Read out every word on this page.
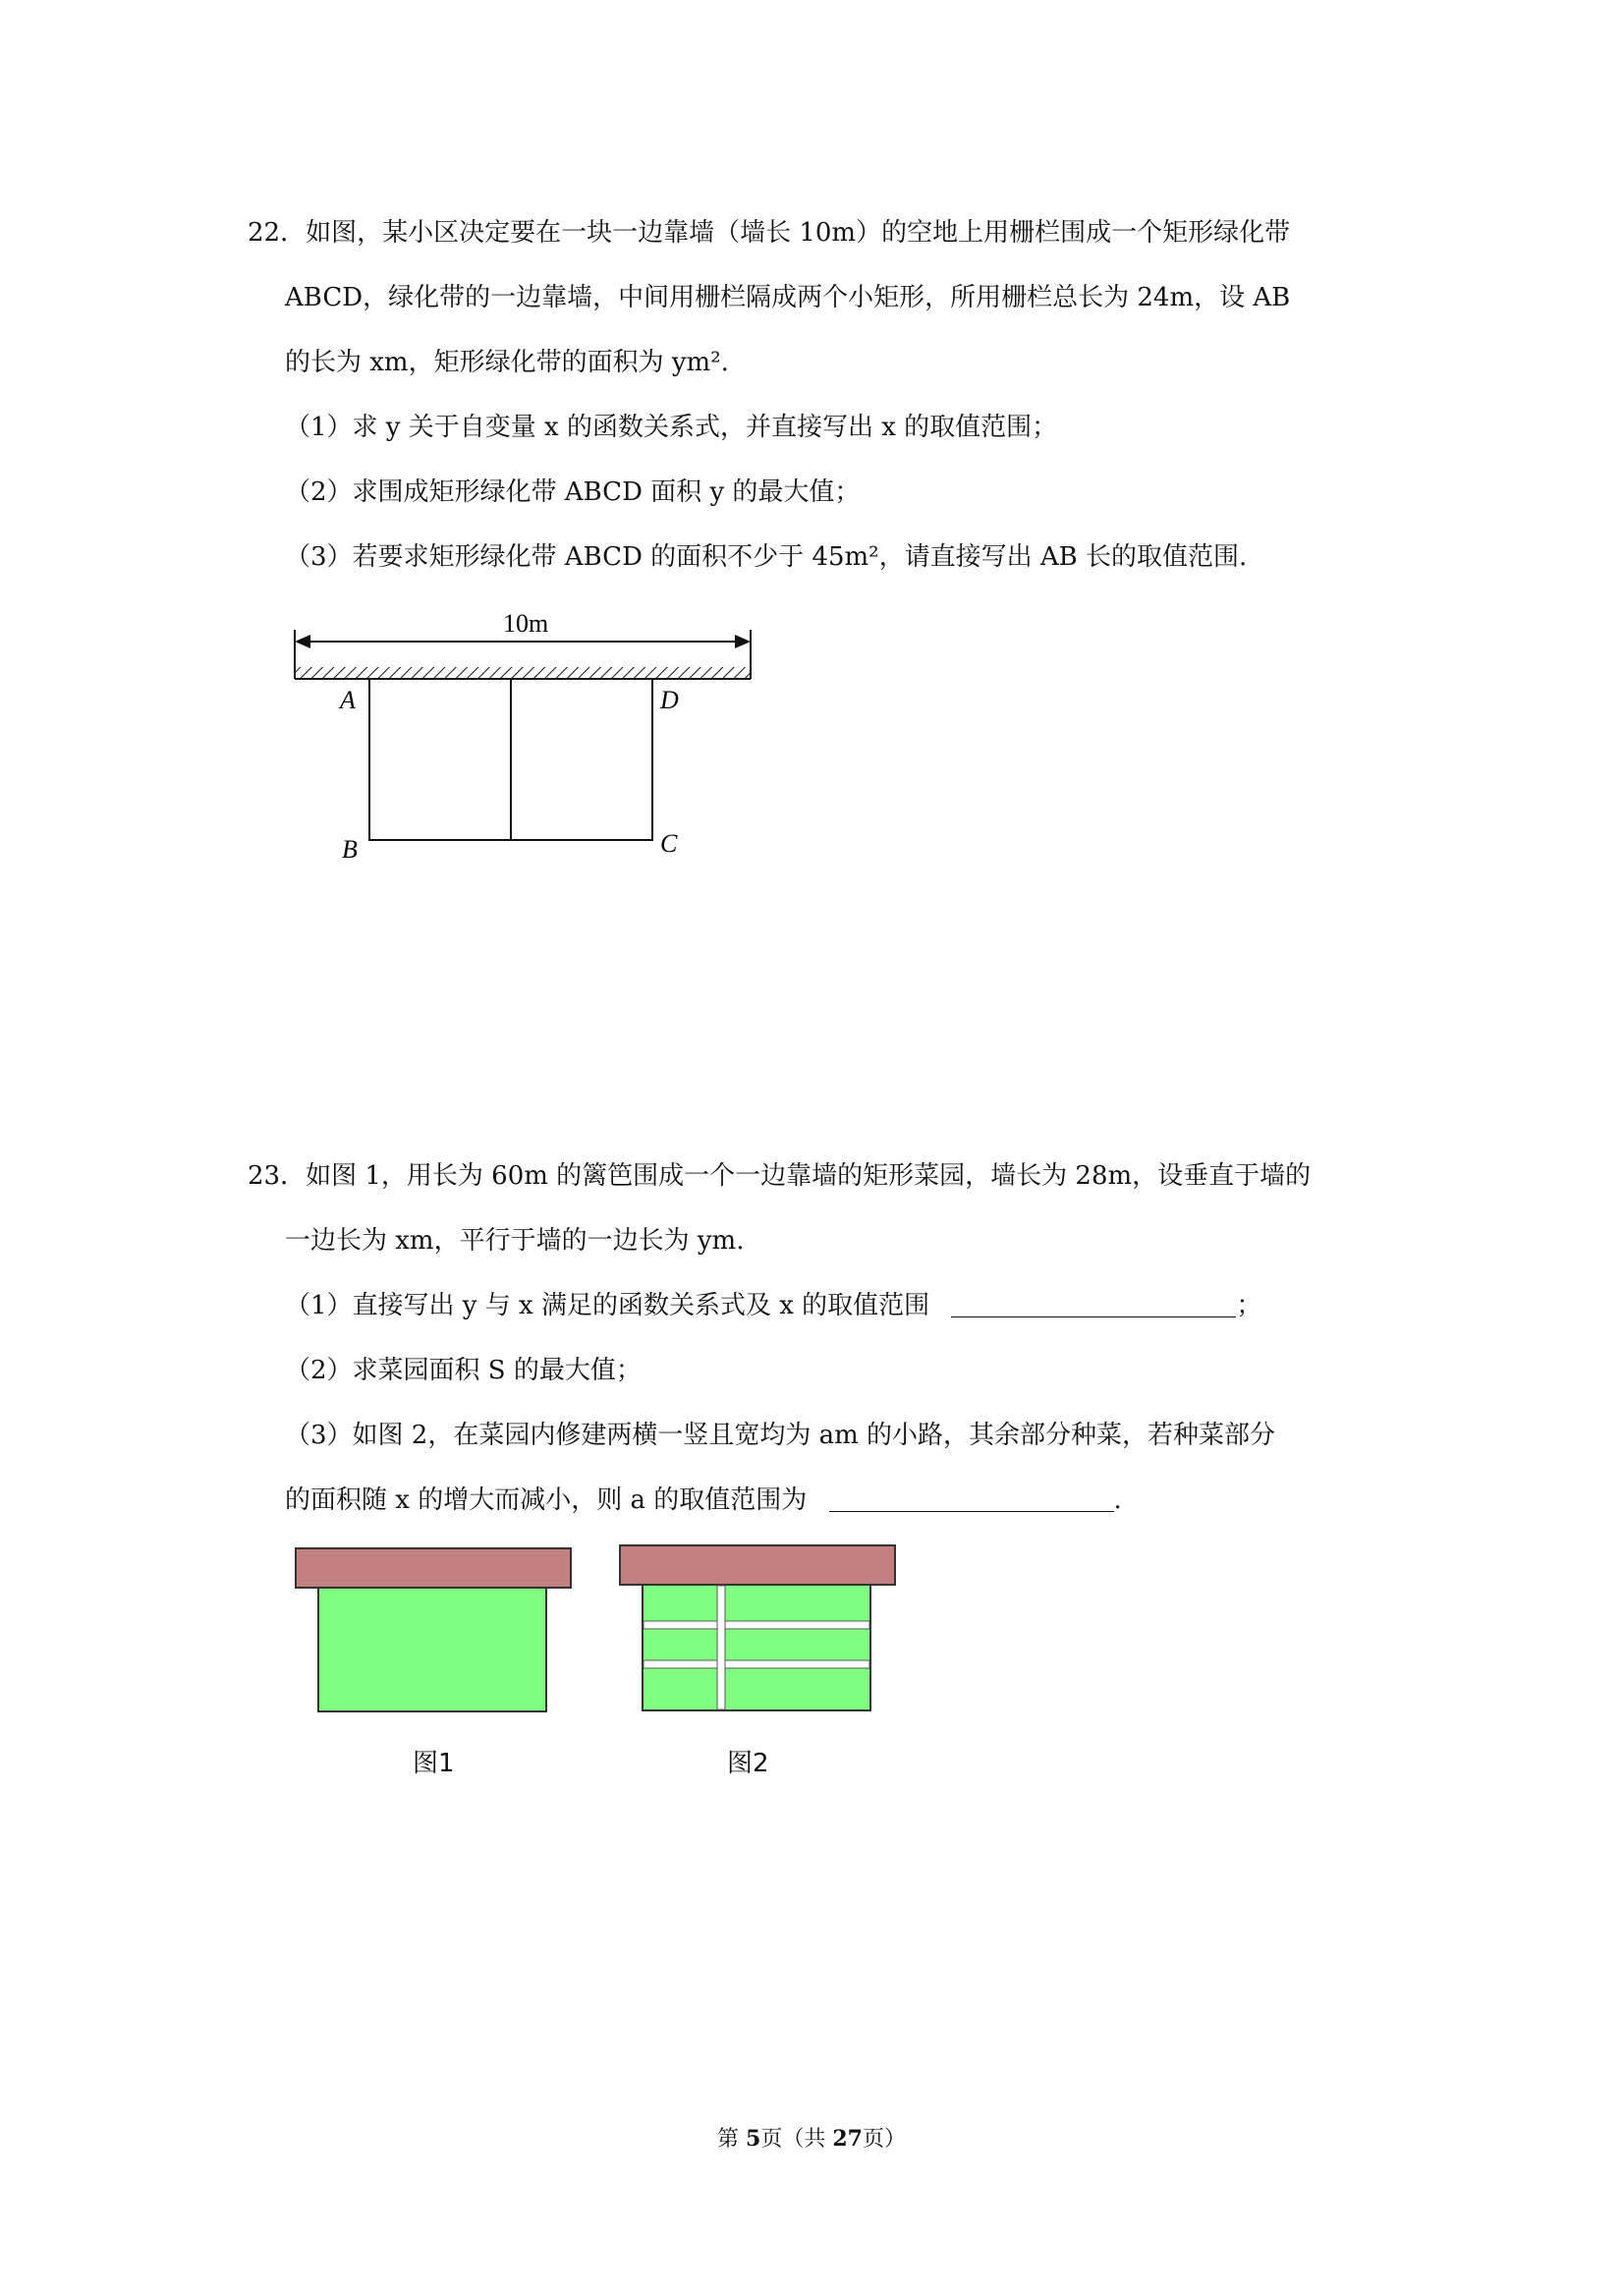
22．如图，某小区决定要在一块一边靠墙（墙长 10m）的空地上用栅栏围成一个矩形绿化带
ABCD，绿化带的一边靠墙，中间用栅栏隔成两个小矩形，所用栅栏总长为 24m，设 AB
的长为 xm，矩形绿化带的面积为 ym².
（1）求 y 关于自变量 x 的函数关系式，并直接写出 x 的取值范围；
（2）求围成矩形绿化带 ABCD 面积 y 的最大值；
（3）若要求矩形绿化带 ABCD 的面积不少于 45m²，请直接写出 AB 长的取值范围.
10m
A	D
B	C
23．如图 1，用长为 60m 的篱笆围成一个一边靠墙的矩形菜园，墙长为 28m，设垂直于墙的
一边长为 xm，平行于墙的一边长为 ym.
（1）直接写出 y 与 x 满足的函数关系式及 x 的取值范围	；
（2）求菜园面积 S 的最大值；
（3）如图 2，在菜园内修建两横一竖且宽均为 am 的小路，其余部分种菜，若种菜部分
的面积随 x 的增大而减小，则 a 的取值范围为	.
图1	图2
第 5页（共 27页）
